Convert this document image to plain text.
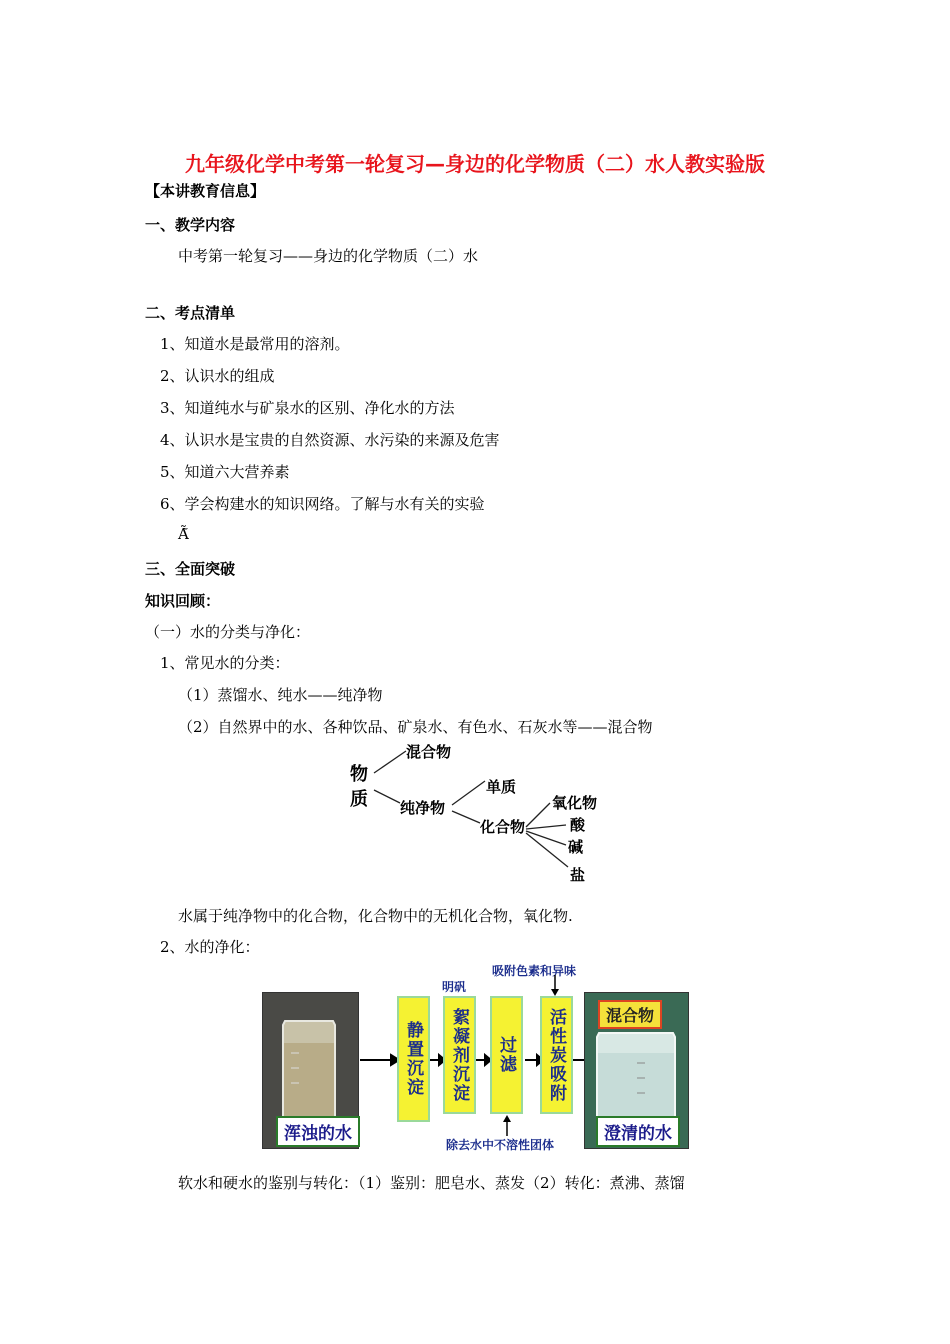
九年级化学中考第一轮复习—身边的化学物质（二）水人教实验版
【本讲教育信息】
一、教学内容
中考第一轮复习——身边的化学物质（二）水
二、考点清单
1、知道水是最常用的溶剂。
2、认识水的组成
3、知道纯水与矿泉水的区别、净化水的方法
4、认识水是宝贵的自然资源、水污染的来源及危害
5、知道六大营养素
6、学会构建水的知识网络。了解与水有关的实验
Ã̃
三、全面突破
知识回顾：
（一）水的分类与净化：
1、常见水的分类：
（1）蒸馏水、纯水——纯净物
（2）自然界中的水、各种饮品、矿泉水、有色水、石灰水等——混合物
物
质
混合物
纯净物
单质
化合物
氧化物
酸
碱
盐
水属于纯净物中的化合物，化合物中的无机化合物，氧化物.
2、水的净化：
浑浊的水
静置沉淀 絮凝剂沉淀 过滤 活性炭吸附
明矾
吸附色素和异味
除去水中不溶性团体
混合物
澄清的水
软水和硬水的鉴别与转化：（1）鉴别：肥皂水、蒸发（2）转化：煮沸、蒸馏
